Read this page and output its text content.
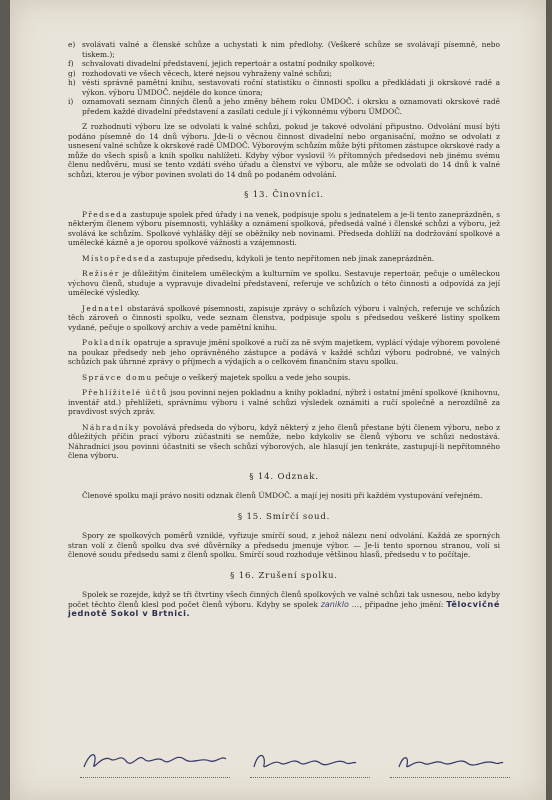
e) svolávati valné a členské schůze a uchystati k nim předlohy. (Veškeré schůze se svolávají písemně, nebo tiskem.);
f)	schvalovati divadelní představení, jejich repertoár a ostatní podniky spolkové;
g) rozhodovati ve všech věcech, které nejsou vyhraženy valné schůzi;
h) vésti správně pamětní knihu, sestavovati roční statistiku o činnosti spolku a předkládati ji okrskové radě a výkon. výboru ÚMDOČ. nejdéle do konce února;
i)	oznamovati seznam činných členů a jeho změny během roku ÚMDOČ. i okrsku a oznamovati okrskové radě předem každé divadelní představení a zasílati cedule jí i výkonnému výboru ÚMDOČ.

Z rozhodnutí výboru lze se odvolati k valné schůzi, pokud je takové odvolání připustno. Odvolání musí býti podáno písemně do 14 dnů výboru. Jde-li o věcnou činnost divadelní nebo organisační, možno se odvolati z usnesení valné schůze k okrskové radě ÚMDOČ. Výborovým schůzím může býti přítomen zástupce okrskové rady a může do všech spisů a knih spolku nahlížeti. Kdyby výbor vyslovil ⅔ přítomných předsedovi neb jinému svému členu nedůvěru, musí se tento vzdáti svého úřadu a členství ve výboru, ale může se odvolati do 14 dnů k valné schůzi, kterou je výbor povinen svolati do 14 dnů po podaném odvolání.

§ 13. Činovníci.

Předseda zastupuje spolek před úřady i na venek, podpisuje spolu s jednatelem a je-li tento zaneprázdněn, s některým členem výboru písemnosti, vyhlášky a oznámení spolková, předsedá valné i členské schůzi a výboru, jež svolává ke schůzím. Spolkové vyhlášky dějí se oběžníky neb novinami. Předseda dohlíží na dodržování spolkové a umělecké kázně a je oporou spolkové vážnosti a vzájemnosti.

Místopředseda zastupuje předsedu, kdykoli je tento nepřítomen neb jinak zaneprázdněn.

Režisér je důležitým činitelem uměleckým a kulturním ve spolku. Sestavuje repertoár, pečuje o uměleckou výchovu členů, studuje a vypravuje divadelní představení, referuje ve schůzích o této činnosti a odpovídá za její umělecké výsledky.

Jednatel obstarává spolkové písemnosti, zapisuje zprávy o schůzích výboru i valných, referuje ve schůzích těch zároveň o činnosti spolku, vede seznam členstva, podpisuje spolu s předsedou veškeré listiny spolkem vydané, pečuje o spolkový archiv a vede pamětní knihu.

Pokladník opatruje a spravuje jmění spolkové a ručí za ně svým majetkem, vyplácí výdaje výborem povolené na poukaz předsedy neb jeho oprávněného zástupce a podává v každé schůzi výboru podrobné, ve valných schůzích pak úhrnné zprávy o příjmech a výdajích a o celkovém finančním stavu spolku.

Správce domu pečuje o veškerý majetek spolku a vede jeho soupis.

Přehlížitelé účtů jsou povinni nejen pokladnu a knihy pokladní, nýbrž i ostatní jmění spolkové (knihovnu, inventář atd.) přehlížeti, správnímu výboru i valné schůzi výsledek oznámiti a ručí společně a nerozdílně za pravdivost svých zpráv.

Náhradníky povolává předseda do výboru, když některý z jeho členů přestane býti členem výboru, nebo z důležitých příčin prací výboru zúčastniti se nemůže, nebo kdykoliv se členů výboru ve schůzi nedostává. Náhradníci jsou povinni účastniti se všech schůzí výborových, ale hlasují jen tenkráte, zastupují-li nepřítomného člena výboru.

§ 14. Odznak.

Členové spolku mají právo nositi odznak členů ÚMDOČ. a mají jej nositi při každém vystupování veřejném.

§ 15. Smírčí soud.

Spory ze spolkových poměrů vzniklé, vyřizuje smírčí soud, z jehož nálezu není odvolání. Každá ze sporných stran volí z členů spolku dva své důvěrníky a předsedu jmenuje výbor. — Je-li tento spornou stranou, volí si členové soudu předsedu sami z členů spolku. Smírčí soud rozhoduje většinou hlasů, předsedu v to počítaje.

§ 16. Zrušení spolku.

Spolek se rozejde, když se tři čtvrtiny všech činných členů spolkových ve valné schůzi tak usnesou, nebo kdyby počet těchto členů klesl pod počet členů výboru. Kdyby se spolek zaniklo ..., připadne jeho jmění: Tělocvičné jednotě Sokol v Brtnici.
